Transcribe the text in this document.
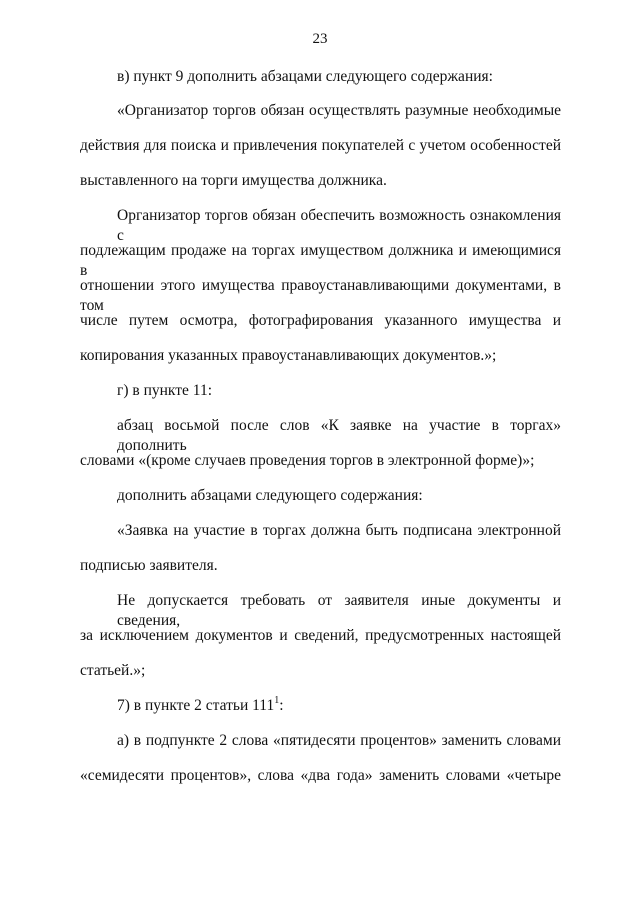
23
в) пункт 9 дополнить абзацами следующего содержания:
«Организатор торгов обязан осуществлять разумные необходимые
действия для поиска и привлечения покупателей с учетом особенностей
выставленного на торги имущества должника.
Организатор торгов обязан обеспечить возможность ознакомления с
подлежащим продаже на торгах имуществом должника и имеющимися в
отношении этого имущества правоустанавливающими документами, в том
числе путем осмотра, фотографирования указанного имущества и
копирования указанных правоустанавливающих документов.»;
г) в пункте 11:
абзац восьмой после слов «К заявке на участие в торгах» дополнить
словами «(кроме случаев проведения торгов в электронной форме)»;
дополнить абзацами следующего содержания:
«Заявка на участие в торгах должна быть подписана электронной
подписью заявителя.
Не допускается требовать от заявителя иные документы и сведения,
за исключением документов и сведений, предусмотренных настоящей
статьей.»;
7) в пункте 2 статьи $111^1$:
а) в подпункте 2 слова «пятидесяти процентов» заменить словами
«семидесяти процентов», слова «два года» заменить словами «четыре
